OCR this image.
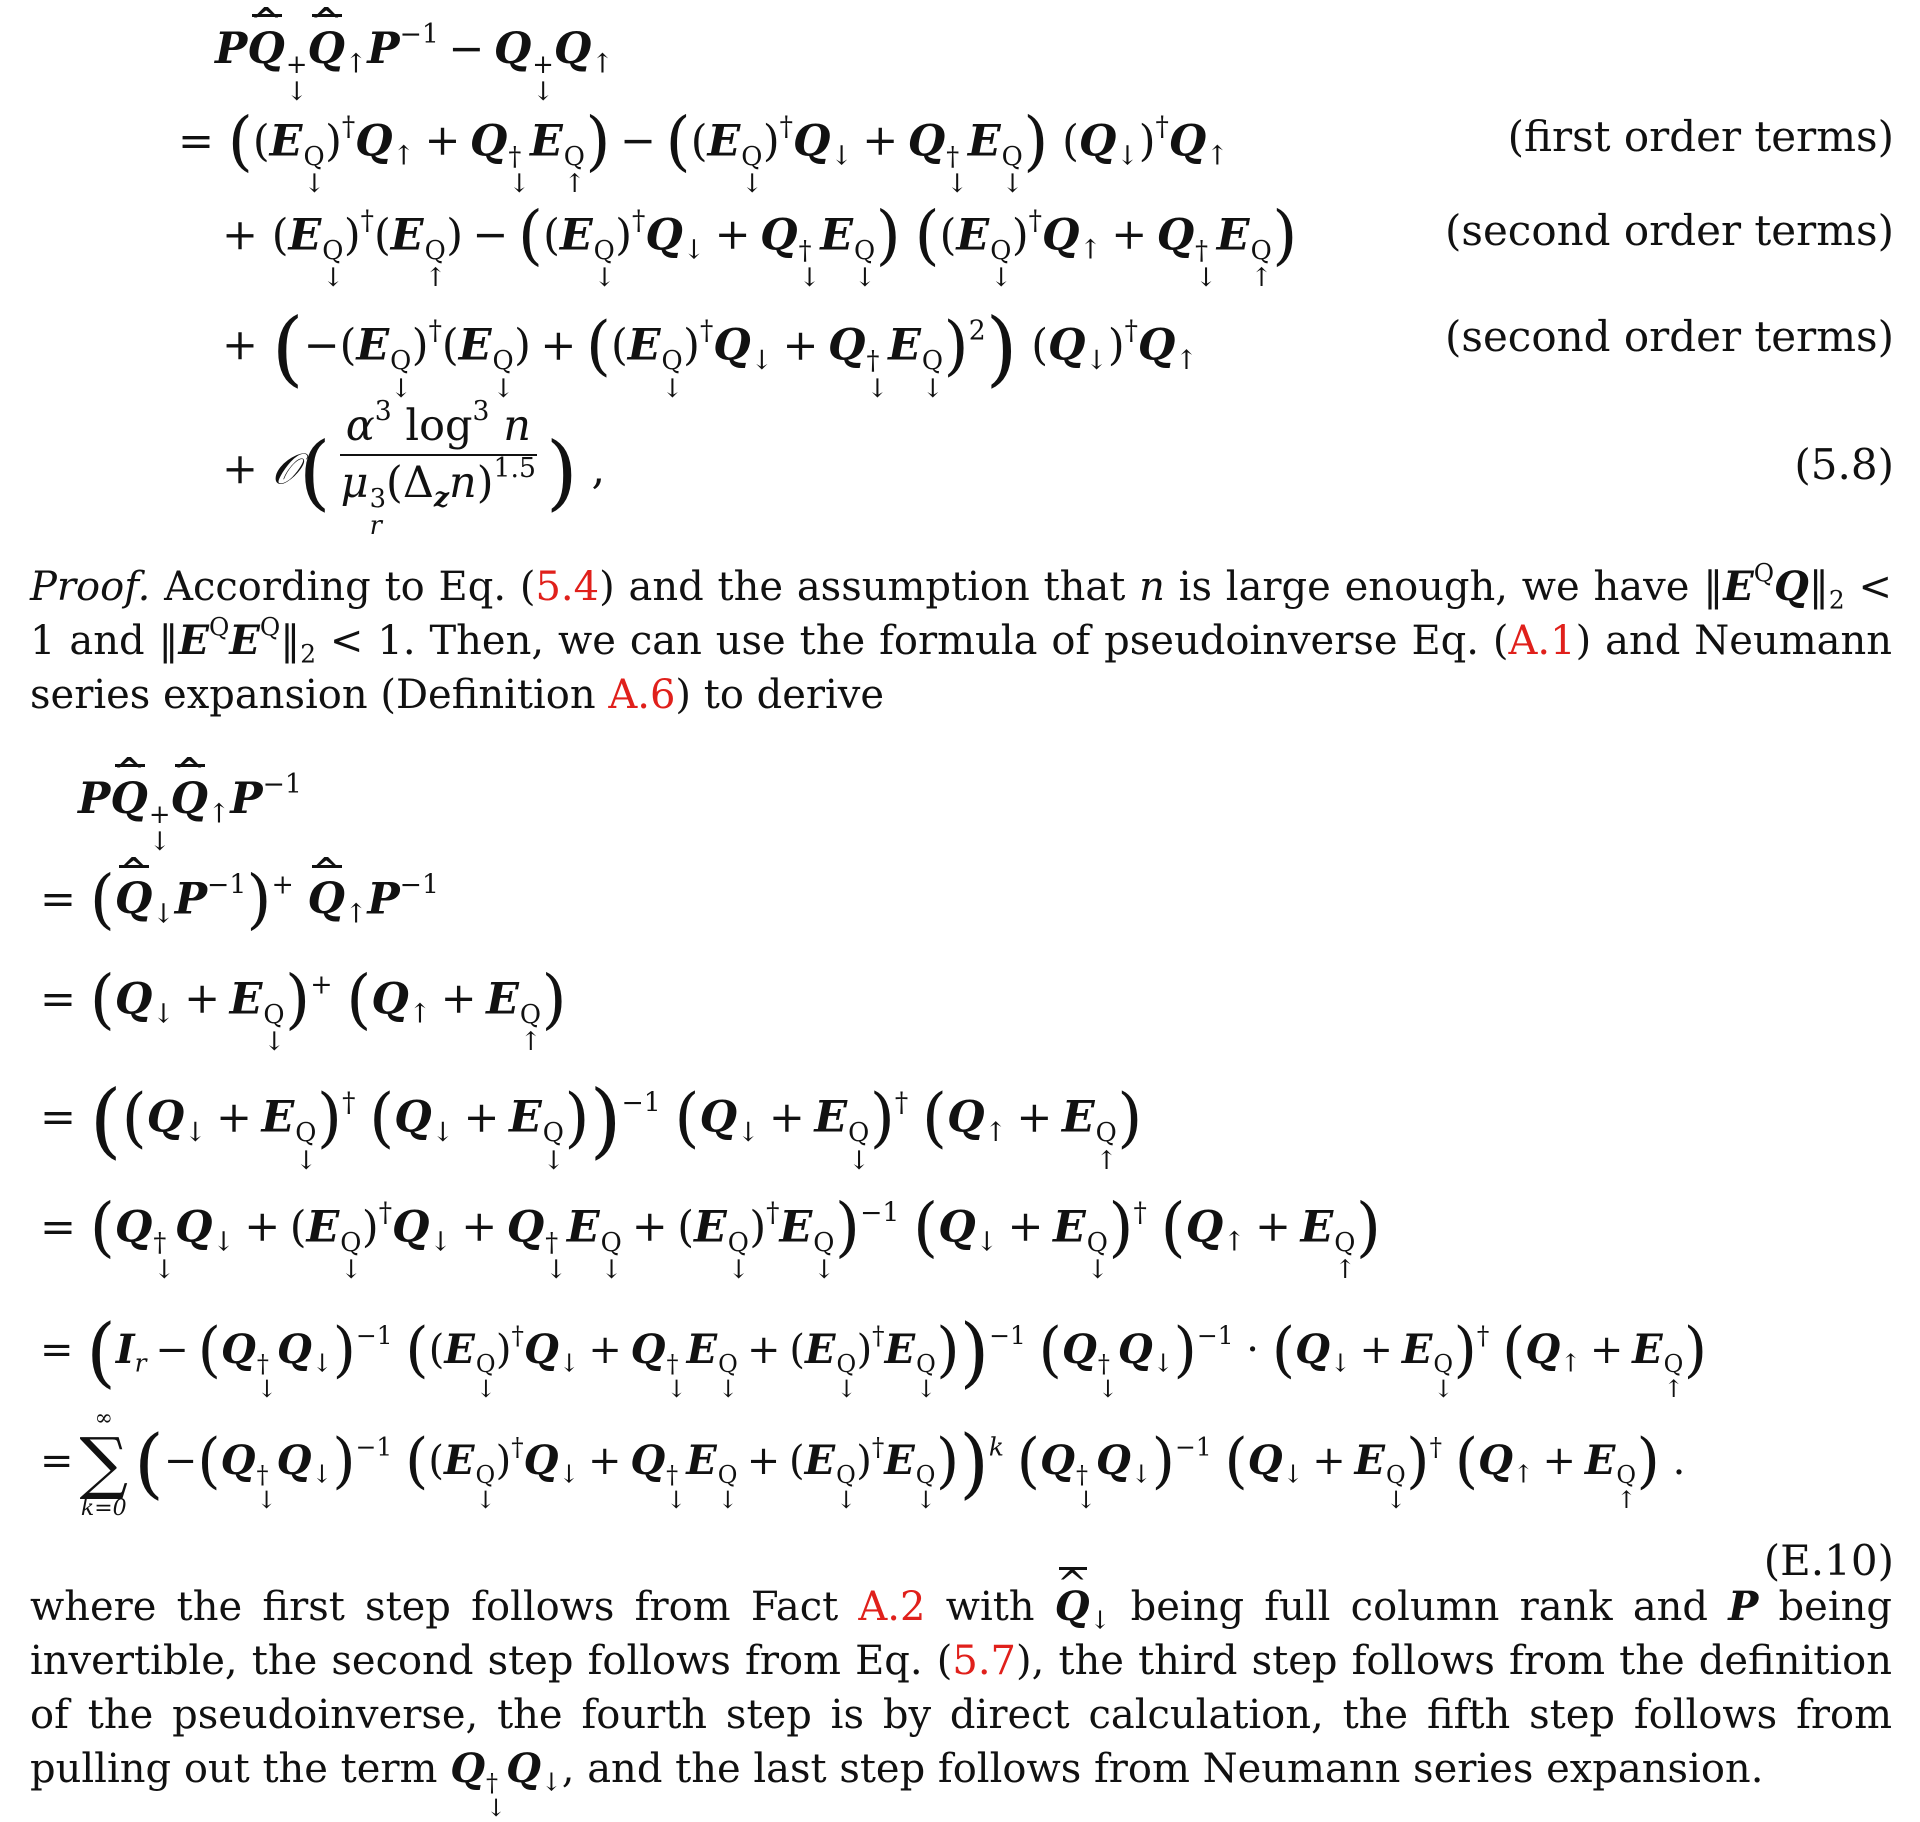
PQ ^ +
↓
Q $\^{}_↑P^{-1} - Q$ +
↓
$Q_↑$
= ((E Q
↓
)$^\dagger Q_↑ + Q$ †
↓
E Q
↑
) − ((E Q
↓
)$^\dagger Q_↓ + Q$ †
↓
E Q
↓
) $(Q_↓)^\dagger Q_↑$	(first order terms)
+ (E Q
↓
)†(E Q
↑
) − ((E Q
↓
)$^\dagger Q_↓ + Q$ †
↓
E Q
↓
) ((E Q
↓
)$^\dagger Q_↑ + Q$ †
↓
E Q
↑
)	(second order terms)
+ (−(E Q
↓
)†(E Q
↓
) + ((E Q
↓
)$^\dagger Q_↓ + Q$ †
↓
E Q
↓
)$^2$) $(Q_↓)^\dagger Q_↑$	(second order terms)
+ 𝒪( $\alpha^3$ $\log^3 n$
μ 3
r
$(\Delta_zn)^{1.5}$ ) ,	(5.8)

Proof. According to Eq. (5.4) and the assumption that n is large enough, we have $‖E^QQ‖_2 < 1$ and $‖E^QE^Q‖_2 < 1$. Then, we can use the formula of pseudoinverse Eq. (A.1) and Neumann series expansion (Definition A.6) to derive

PQ ^ +
↓
Q $\^{}_↑P^{-1}$
= (Q $\^{}_↓P^{-1})^+$ Q $\^{}_↑P^{-1}$
= ($Q_↓ + E$ Q
↓
)+ ($Q_↑ + E$ Q
↑
)
= (($Q_↓ + E$ Q
↓
)† ($Q_↓ + E$ Q
↓
))$^{-1}$ ($Q_↓ + E$ Q
↓
)† ($Q_↑ + E$ Q
↑
)
= (Q †
↓
$Q_↓ + (E$ Q
↓
)$^\dagger Q_↓ + Q$ †
↓
E Q
↓
+ (E Q
↓
)†E Q
↓
)$^{-1}$ ($Q_↓ + E$ Q
↓
)† ($Q_↑ + E$ Q
↑
)
= ($I_r - (Q$ †
↓
$Q_↓)^{-1}$ ((E Q
↓
)$^\dagger Q_↓ + Q$ †
↓
E Q
↓
+ (E Q
↓
)†E Q
↓
))$^{-1}$ (Q †
↓
$Q_↓)^{-1} \cdot (Q_↓ + E$ Q
↓
)† ($Q_↑ + E$ Q
↑
)
=
∞
∑
k=0
(−(Q †
↓
$Q_↓)^{-1}$ ((E Q
↓
)$^\dagger Q_↓ + Q$ †
↓
E Q
↓
+ (E Q
↓
)†E Q
↓
))$^k$ (Q †
↓
$Q_↓)^{-1}$ ($Q_↓ + E$ Q
↓
)† ($Q_↑ + E$ Q
↑
) .
(E.10)

where the first step follows from Fact A.2 with Q $\^{}_↓$ being full column rank and P being invertible, the second step follows from Eq. (5.7), the third step follows from the definition of the pseudoinverse, the fourth step is by direct calculation, the fifth step follows from pulling out the term Q †
↓
$Q_↓$, and the last step follows from Neumann series expansion.
